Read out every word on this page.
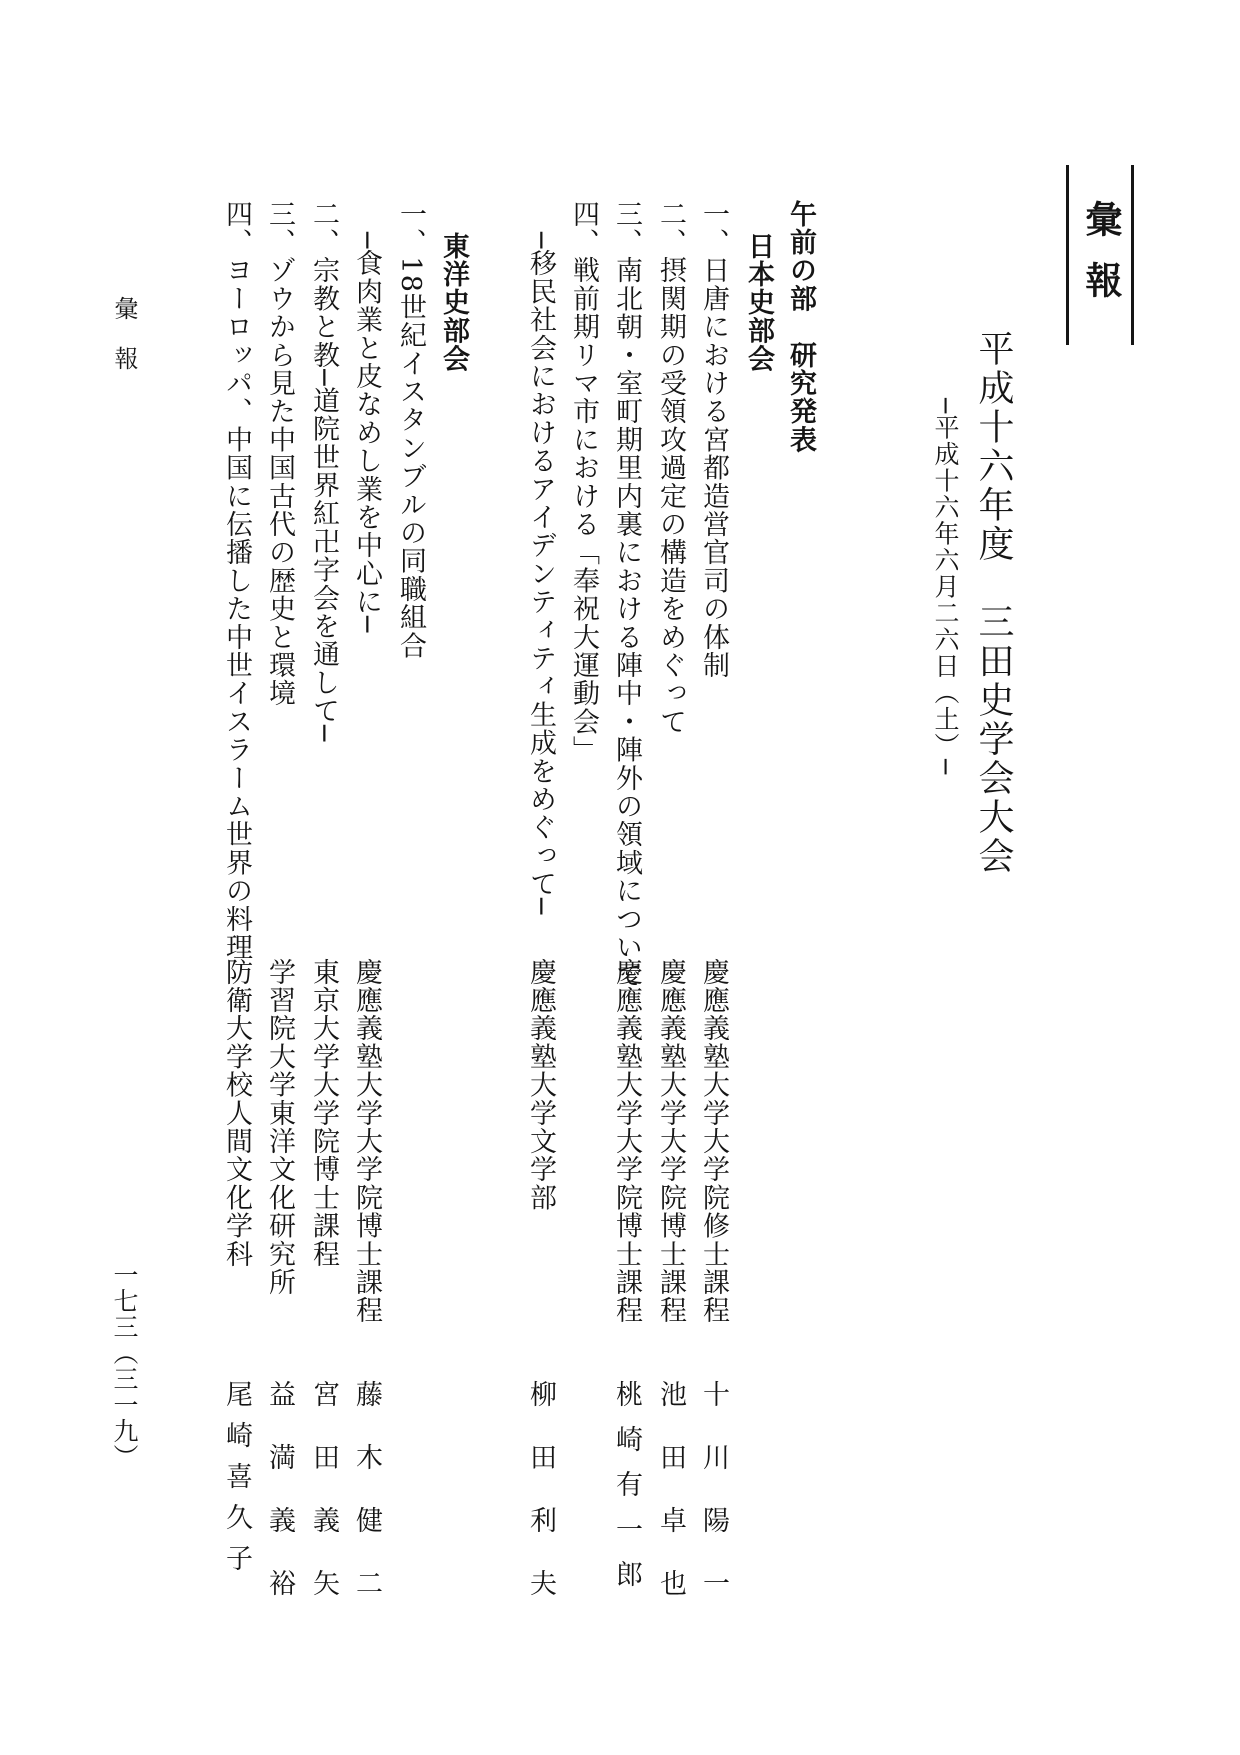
彙報
平成十六年度　三田史学会大会
─平成十六年六月二六日（土）─
午前の部　研究発表
日本史部会
一、日唐における宮都造営官司の体制
慶應義塾大学大学院修士課程
十川陽一
二、摂関期の受領攻過定の構造をめぐって
慶應義塾大学大学院博士課程
池田卓也
三、南北朝・室町期里内裏における陣中・陣外の領域について
慶應義塾大学大学院博士課程
桃崎有一郎
四、戦前期リマ市における「奉祝大運動会」
─移民社会におけるアイデンティティ生成をめぐって─
慶應義塾大学文学部
柳田利夫
東洋史部会
一、18世紀イスタンブルの同職組合
─食肉業と皮なめし業を中心に─
慶應義塾大学大学院博士課程
藤木健二
二、宗教と教─道院世界紅卍字会を通して─
東京大学大学院博士課程
宮田義矢
三、ゾウから見た中国古代の歴史と環境
学習院大学東洋文化研究所
益満義裕
四、ヨーロッパ、中国に伝播した中世イスラーム世界の料理
防衛大学校人間文化学科
尾崎喜久子
彙報
一七三（三一九）
